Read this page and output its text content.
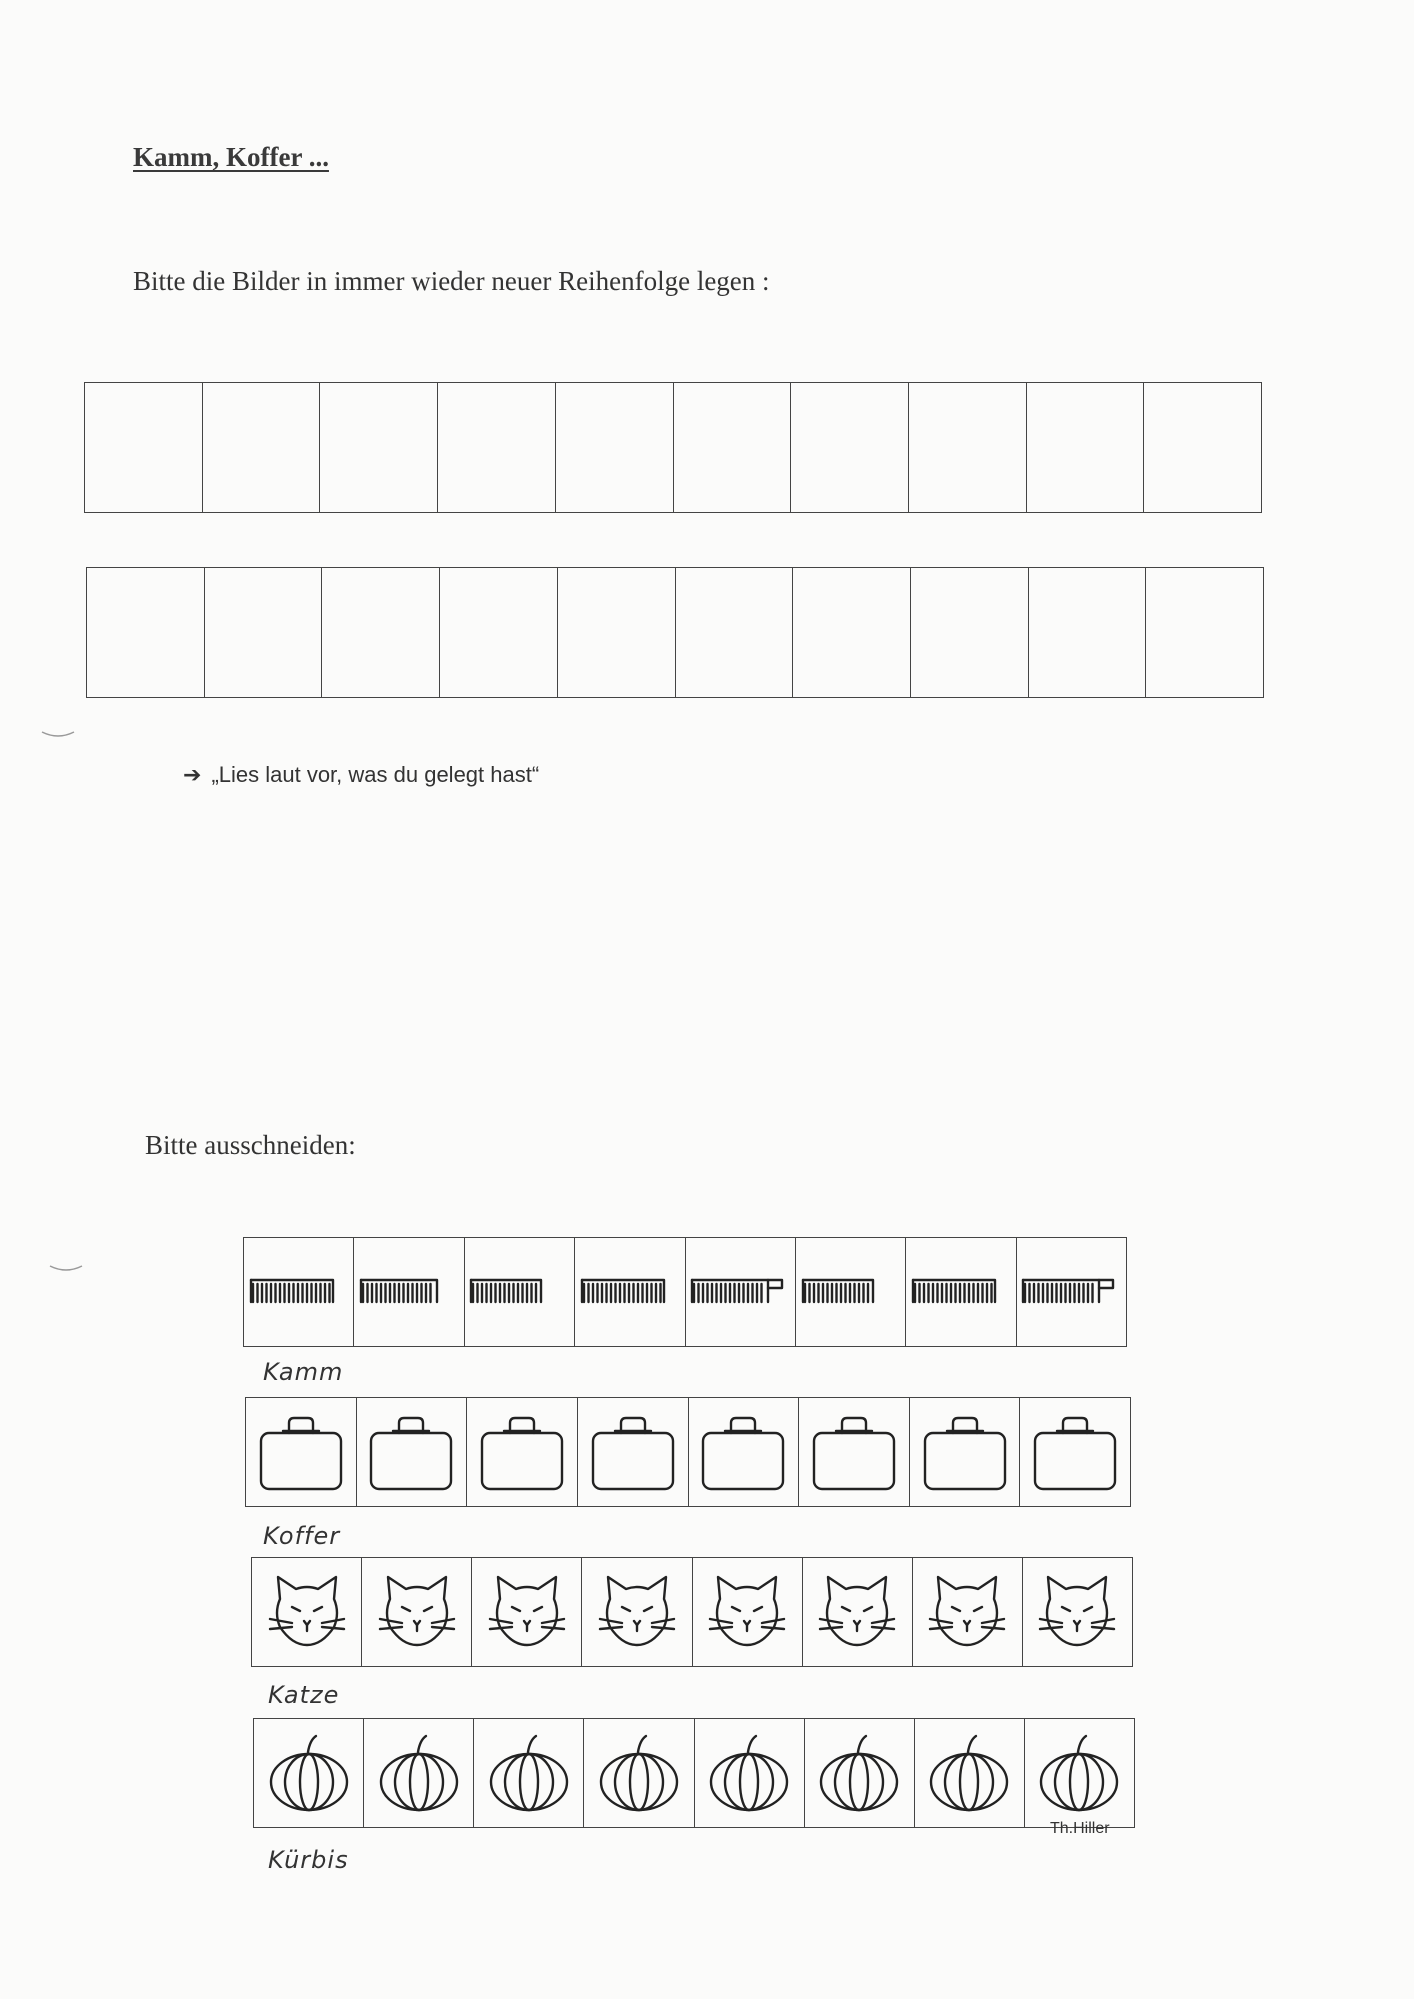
Kamm, Koffer ...
Bitte die Bilder in immer wieder neuer Reihenfolge legen :
➔ „Lies laut vor, was du gelegt hast“
Bitte ausschneiden:
Kamm
Koffer
Katze
Kürbis
Th.Hiller
